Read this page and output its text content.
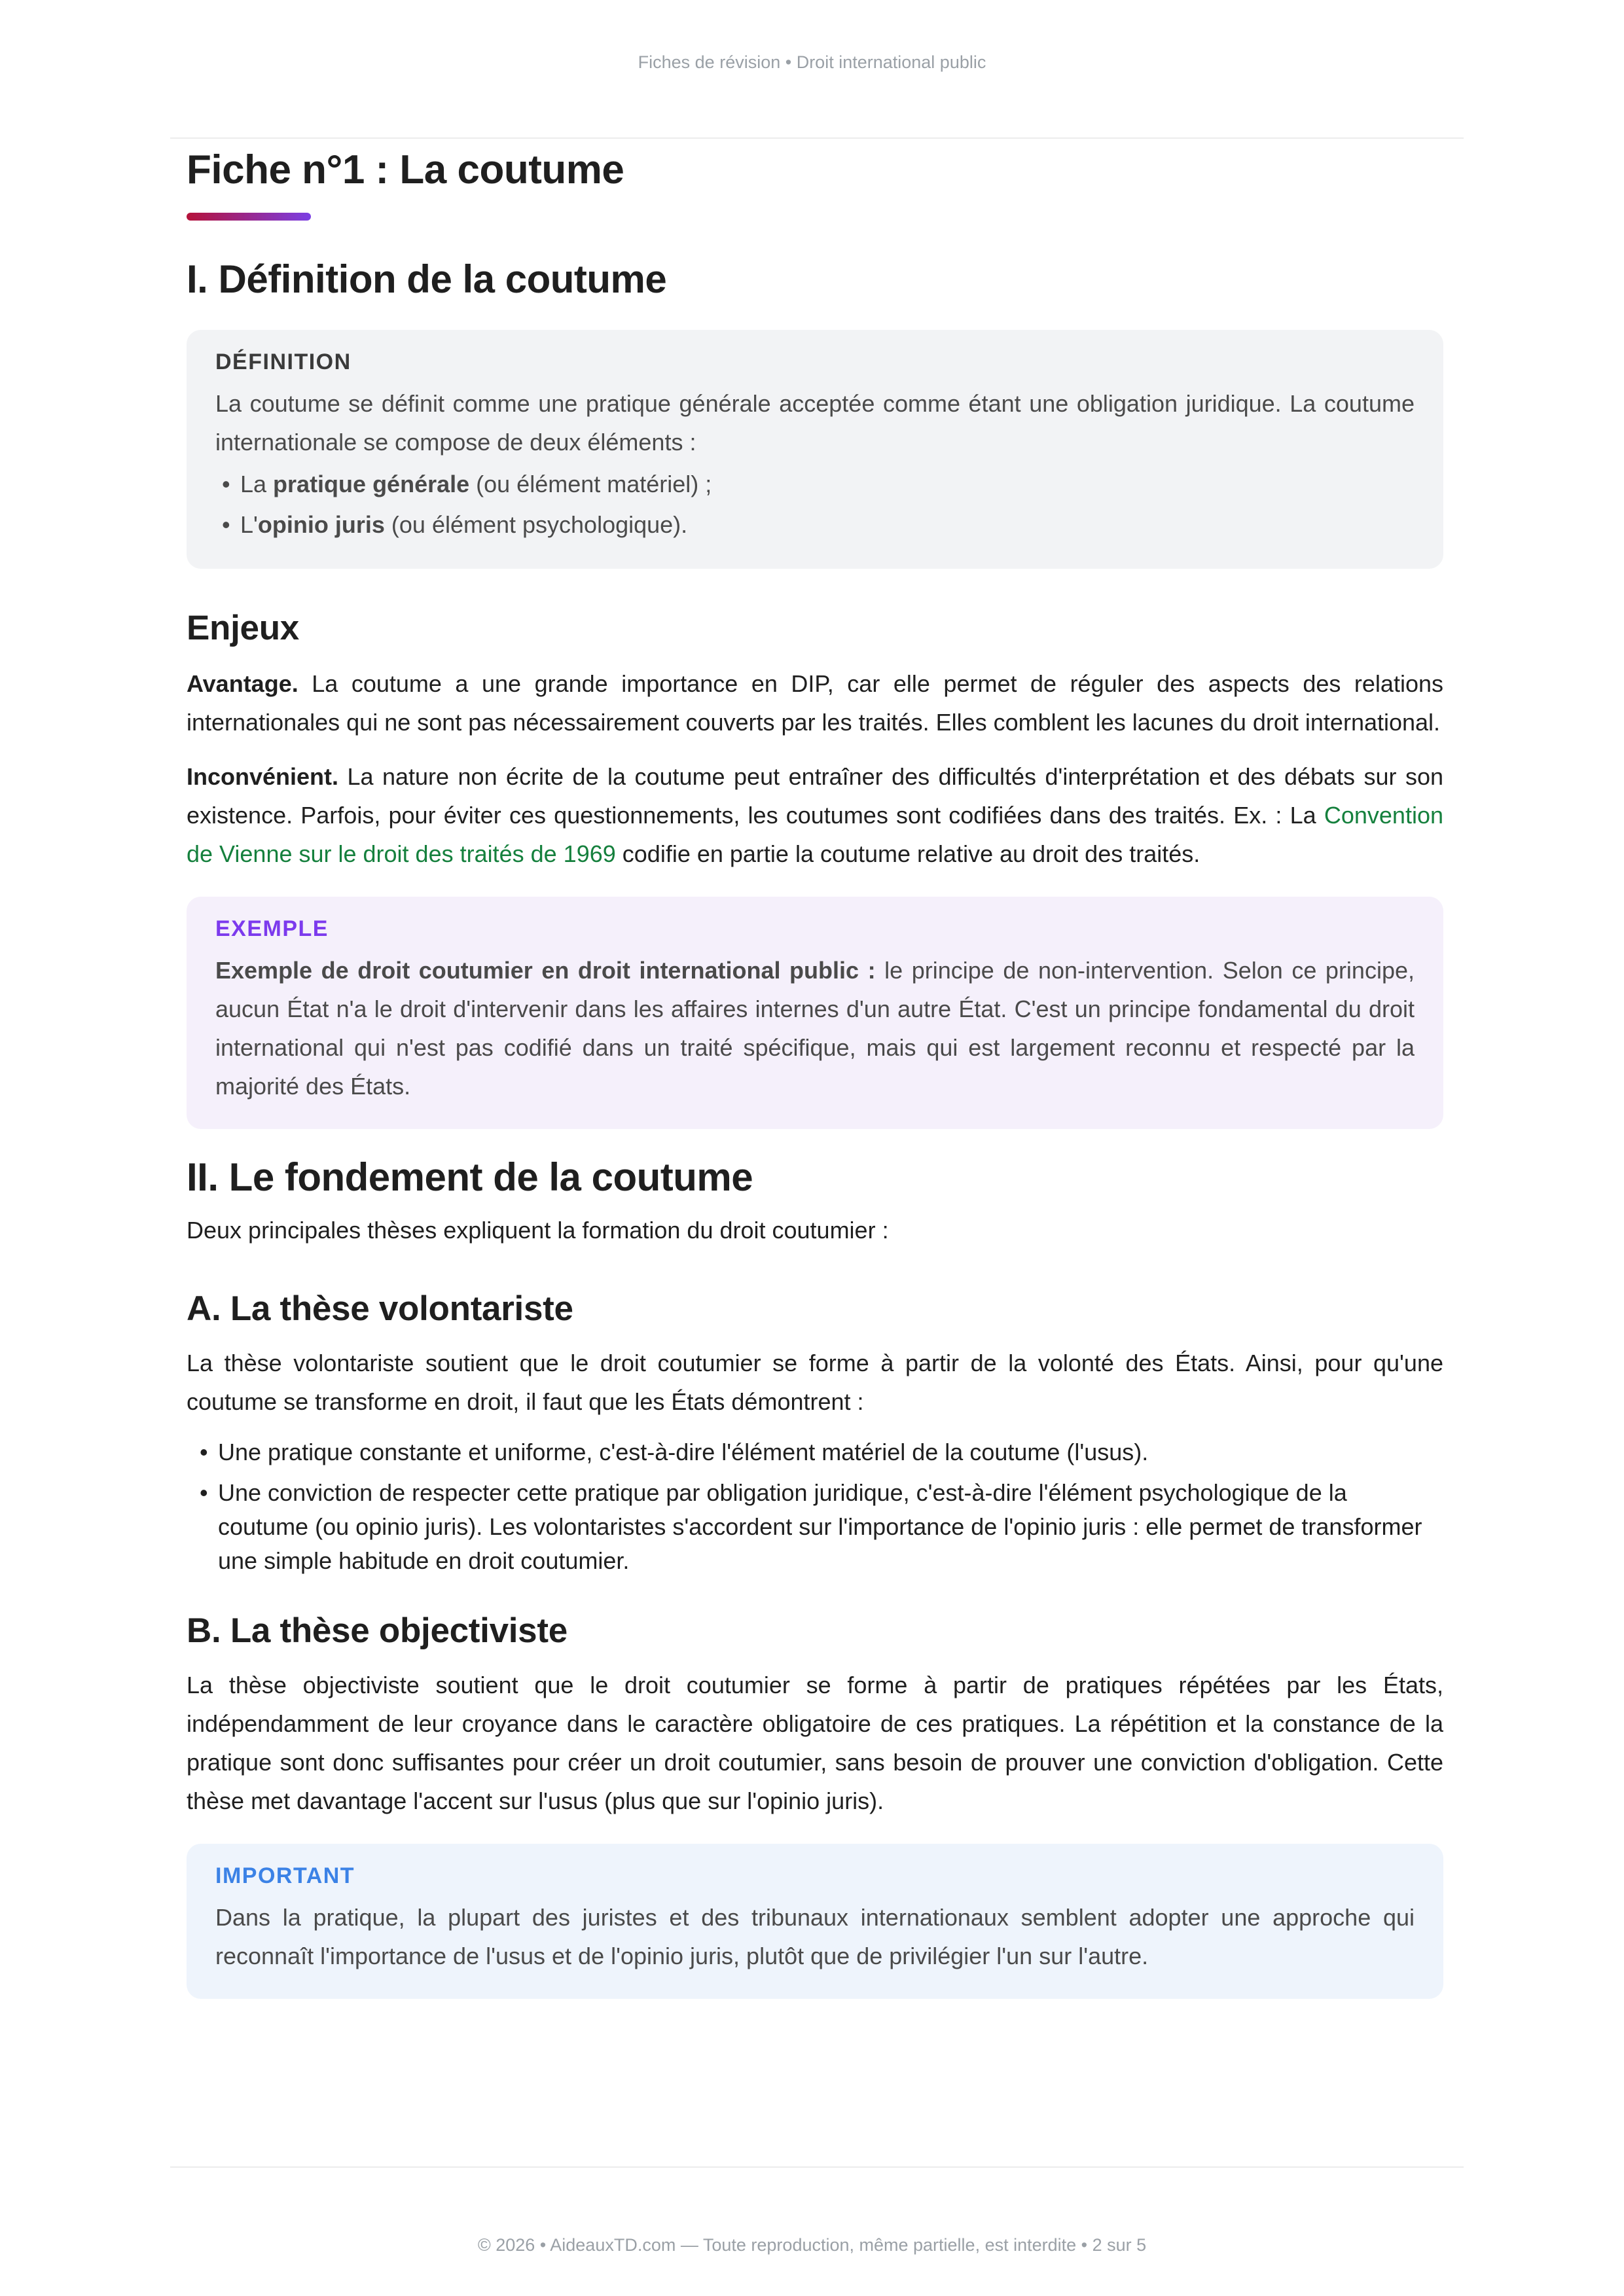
Fiches de révision • Droit international public
Fiche n°1 : La coutume
I. Définition de la coutume
DÉFINITION

La coutume se définit comme une pratique générale acceptée comme étant une obligation juridique. La coutume internationale se compose de deux éléments :

• La pratique générale (ou élément matériel) ;
• L'opinio juris (ou élément psychologique).
Enjeux

Avantage. La coutume a une grande importance en DIP, car elle permet de réguler des aspects des relations internationales qui ne sont pas nécessairement couverts par les traités. Elles comblent les lacunes du droit international.

Inconvénient. La nature non écrite de la coutume peut entraîner des difficultés d'interprétation et des débats sur son existence. Parfois, pour éviter ces questionnements, les coutumes sont codifiées dans des traités. Ex. : La Convention de Vienne sur le droit des traités de 1969 codifie en partie la coutume relative au droit des traités.

EXEMPLE

Exemple de droit coutumier en droit international public : le principe de non-intervention. Selon ce principe, aucun État n'a le droit d'intervenir dans les affaires internes d'un autre État. C'est un principe fondamental du droit international qui n'est pas codifié dans un traité spécifique, mais qui est largement reconnu et respecté par la majorité des États.

II. Le fondement de la coutume

Deux principales thèses expliquent la formation du droit coutumier :

A. La thèse volontariste

La thèse volontariste soutient que le droit coutumier se forme à partir de la volonté des États. Ainsi, pour qu'une coutume se transforme en droit, il faut que les États démontrent :

• Une pratique constante et uniforme, c'est-à-dire l'élément matériel de la coutume (l'usus).
• Une conviction de respecter cette pratique par obligation juridique, c'est-à-dire l'élément psychologique de la coutume (ou opinio juris). Les volontaristes s'accordent sur l'importance de l'opinio juris : elle permet de transformer une simple habitude en droit coutumier.
B. La thèse objectiviste

La thèse objectiviste soutient que le droit coutumier se forme à partir de pratiques répétées par les États, indépendamment de leur croyance dans le caractère obligatoire de ces pratiques. La répétition et la constance de la pratique sont donc suffisantes pour créer un droit coutumier, sans besoin de prouver une conviction d'obligation. Cette thèse met davantage l'accent sur l'usus (plus que sur l'opinio juris).

IMPORTANT

Dans la pratique, la plupart des juristes et des tribunaux internationaux semblent adopter une approche qui reconnaît l'importance de l'usus et de l'opinio juris, plutôt que de privilégier l'un sur l'autre.

© 2026 • AideauxTD.com — Toute reproduction, même partielle, est interdite • 2 sur 5
